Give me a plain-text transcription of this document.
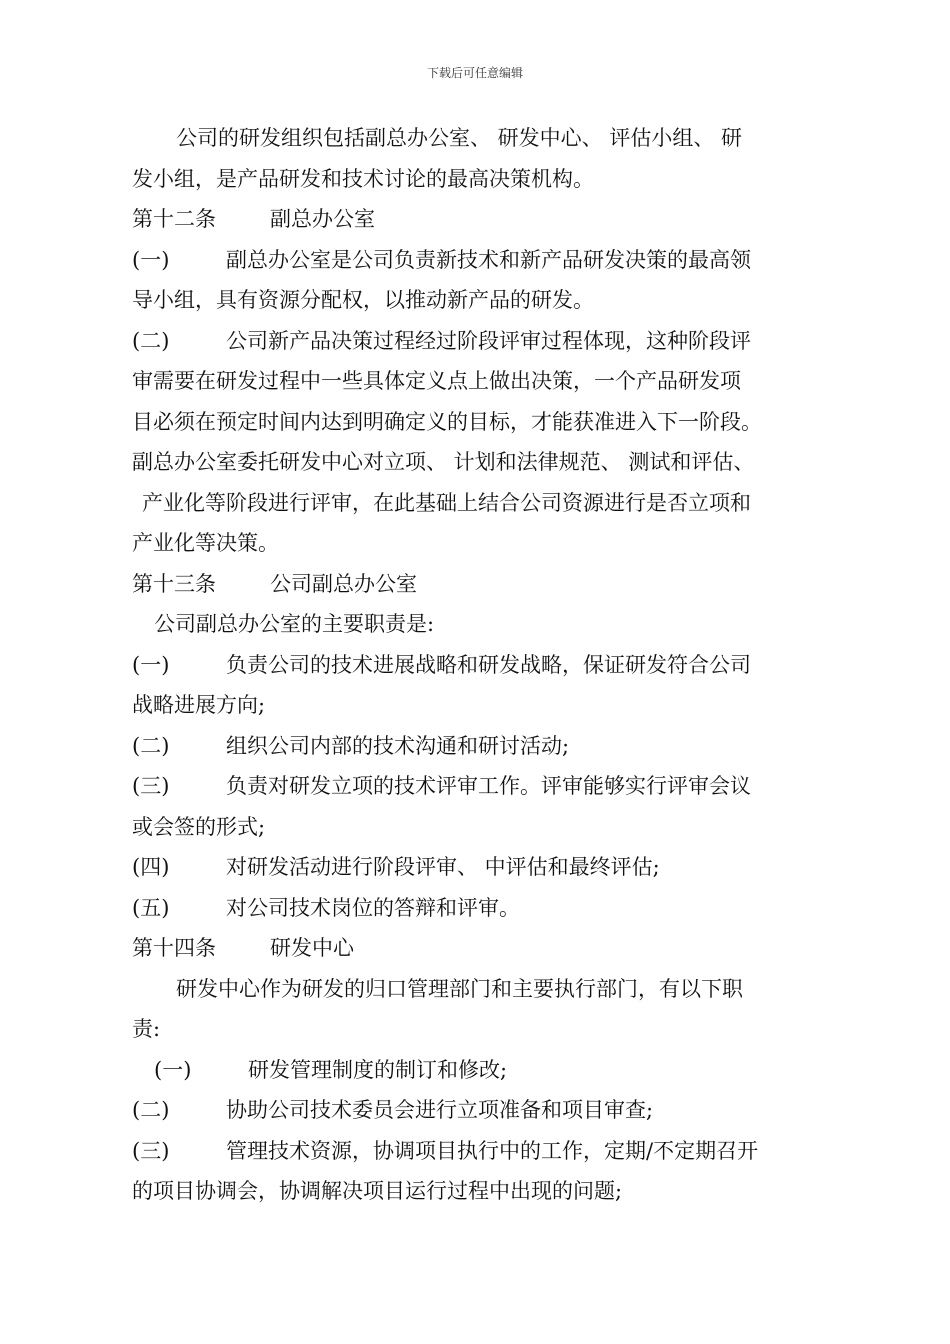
下载后可任意编辑

公司的研发组织包括副总办公室、 研发中心、 评估小组、 研

发小组，是产品研发和技术讨论的最高决策机构。

第十二条	副总办公室

(一)	副总办公室是公司负责新技术和新产品研发决策的最高领

导小组，具有资源分配权，以推动新产品的研发。

(二)	公司新产品决策过程经过阶段评审过程体现，这种阶段评

审需要在研发过程中一些具体定义点上做出决策，一个产品研发项

目必须在预定时间内达到明确定义的目标，才能获准进入下一阶段。

副总办公室委托研发中心对立项、 计划和法律规范、 测试和评估、

产业化等阶段进行评审，在此基础上结合公司资源进行是否立项和

产业化等决策。

第十三条	公司副总办公室

公司副总办公室的主要职责是:

(一)	负责公司的技术进展战略和研发战略，保证研发符合公司

战略进展方向;

(二)	组织公司内部的技术沟通和研讨活动;

(三)	负责对研发立项的技术评审工作。评审能够实行评审会议

或会签的形式;

(四)	对研发活动进行阶段评审、 中评估和最终评估;

(五)	对公司技术岗位的答辩和评审。

第十四条	研发中心

研发中心作为研发的归口管理部门和主要执行部门，有以下职

责:

(一)	研发管理制度的制订和修改;

(二)	协助公司技术委员会进行立项准备和项目审查;

(三)	管理技术资源，协调项目执行中的工作，定期/不定期召开

的项目协调会，协调解决项目运行过程中出现的问题;
